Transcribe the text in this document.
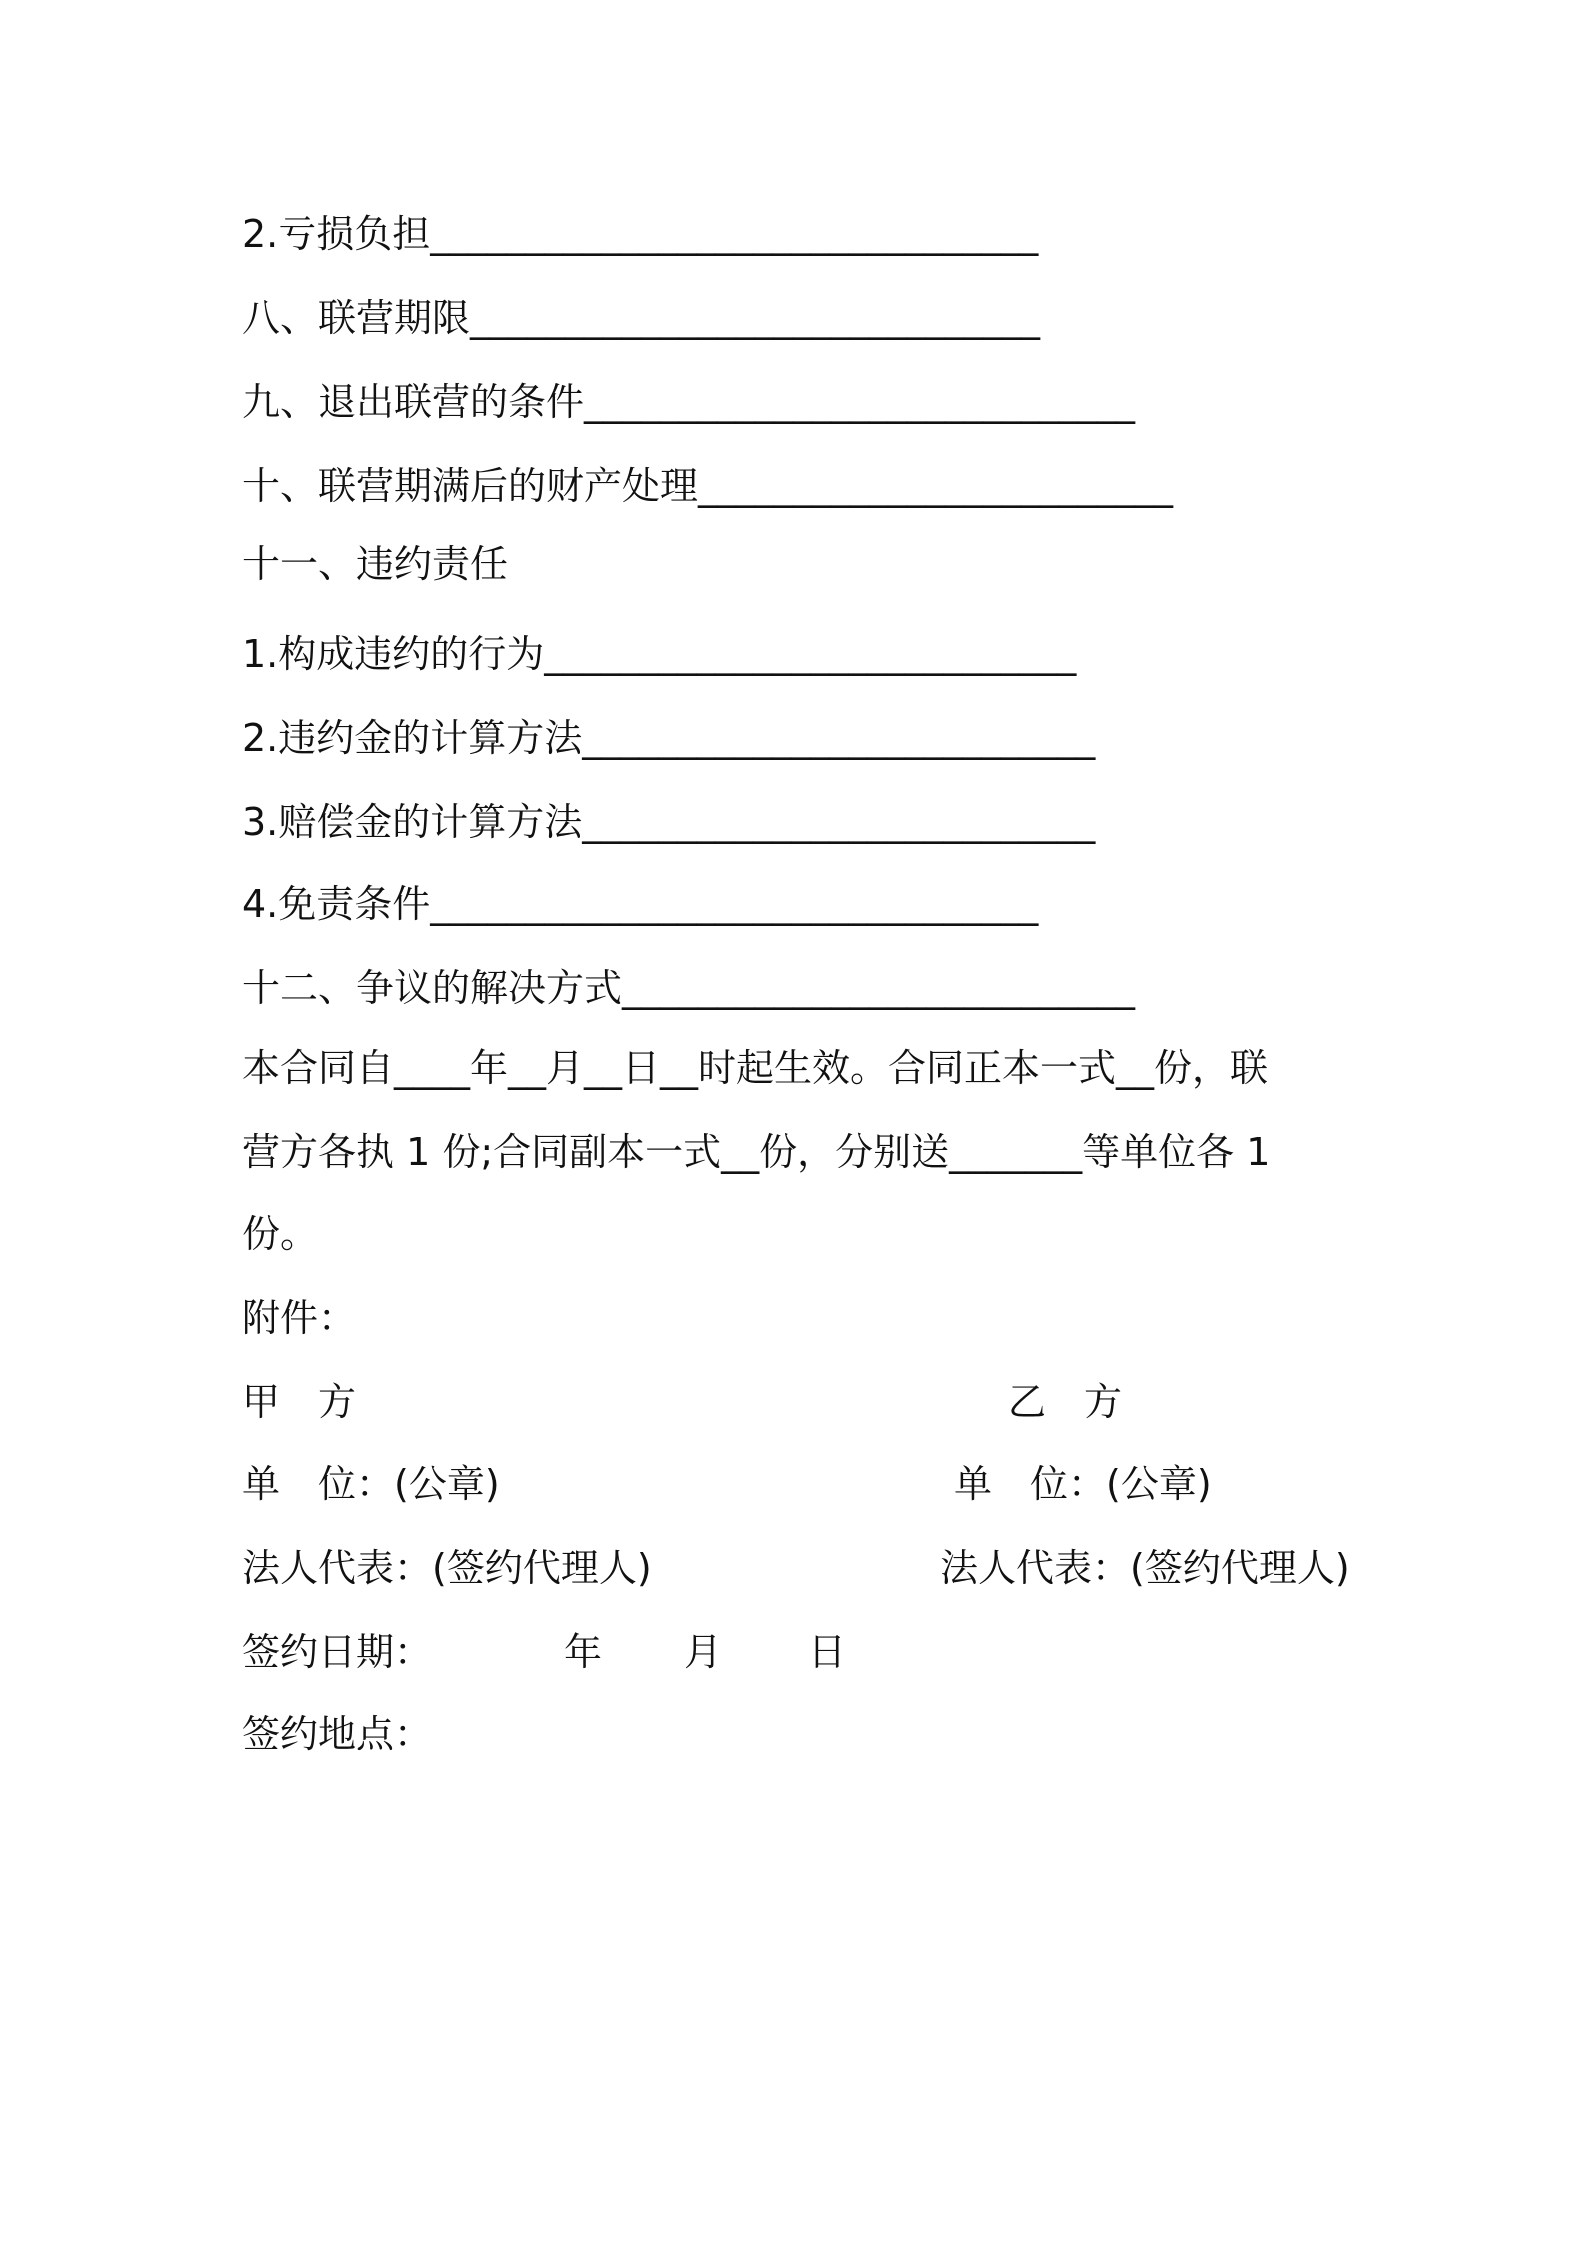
2.亏损负担________________________________
八、联营期限______________________________
九、退出联营的条件_____________________________
十、联营期满后的财产处理_________________________
十一、违约责任
1.构成违约的行为____________________________
2.违约金的计算方法___________________________
3.赔偿金的计算方法___________________________
4.免责条件________________________________
十二、争议的解决方式___________________________
本合同自____年__月__日__时起生效。合同正本一式__份，联
营方各执 1 份;合同副本一式__份，分别送_______等单位各 1
份。
附件：
甲　方	乙　方
单　位：(公章)	单　位：(公章)
法人代表：(签约代理人)	法人代表：(签约代理人)
签约日期：	年 月 日
签约地点：
